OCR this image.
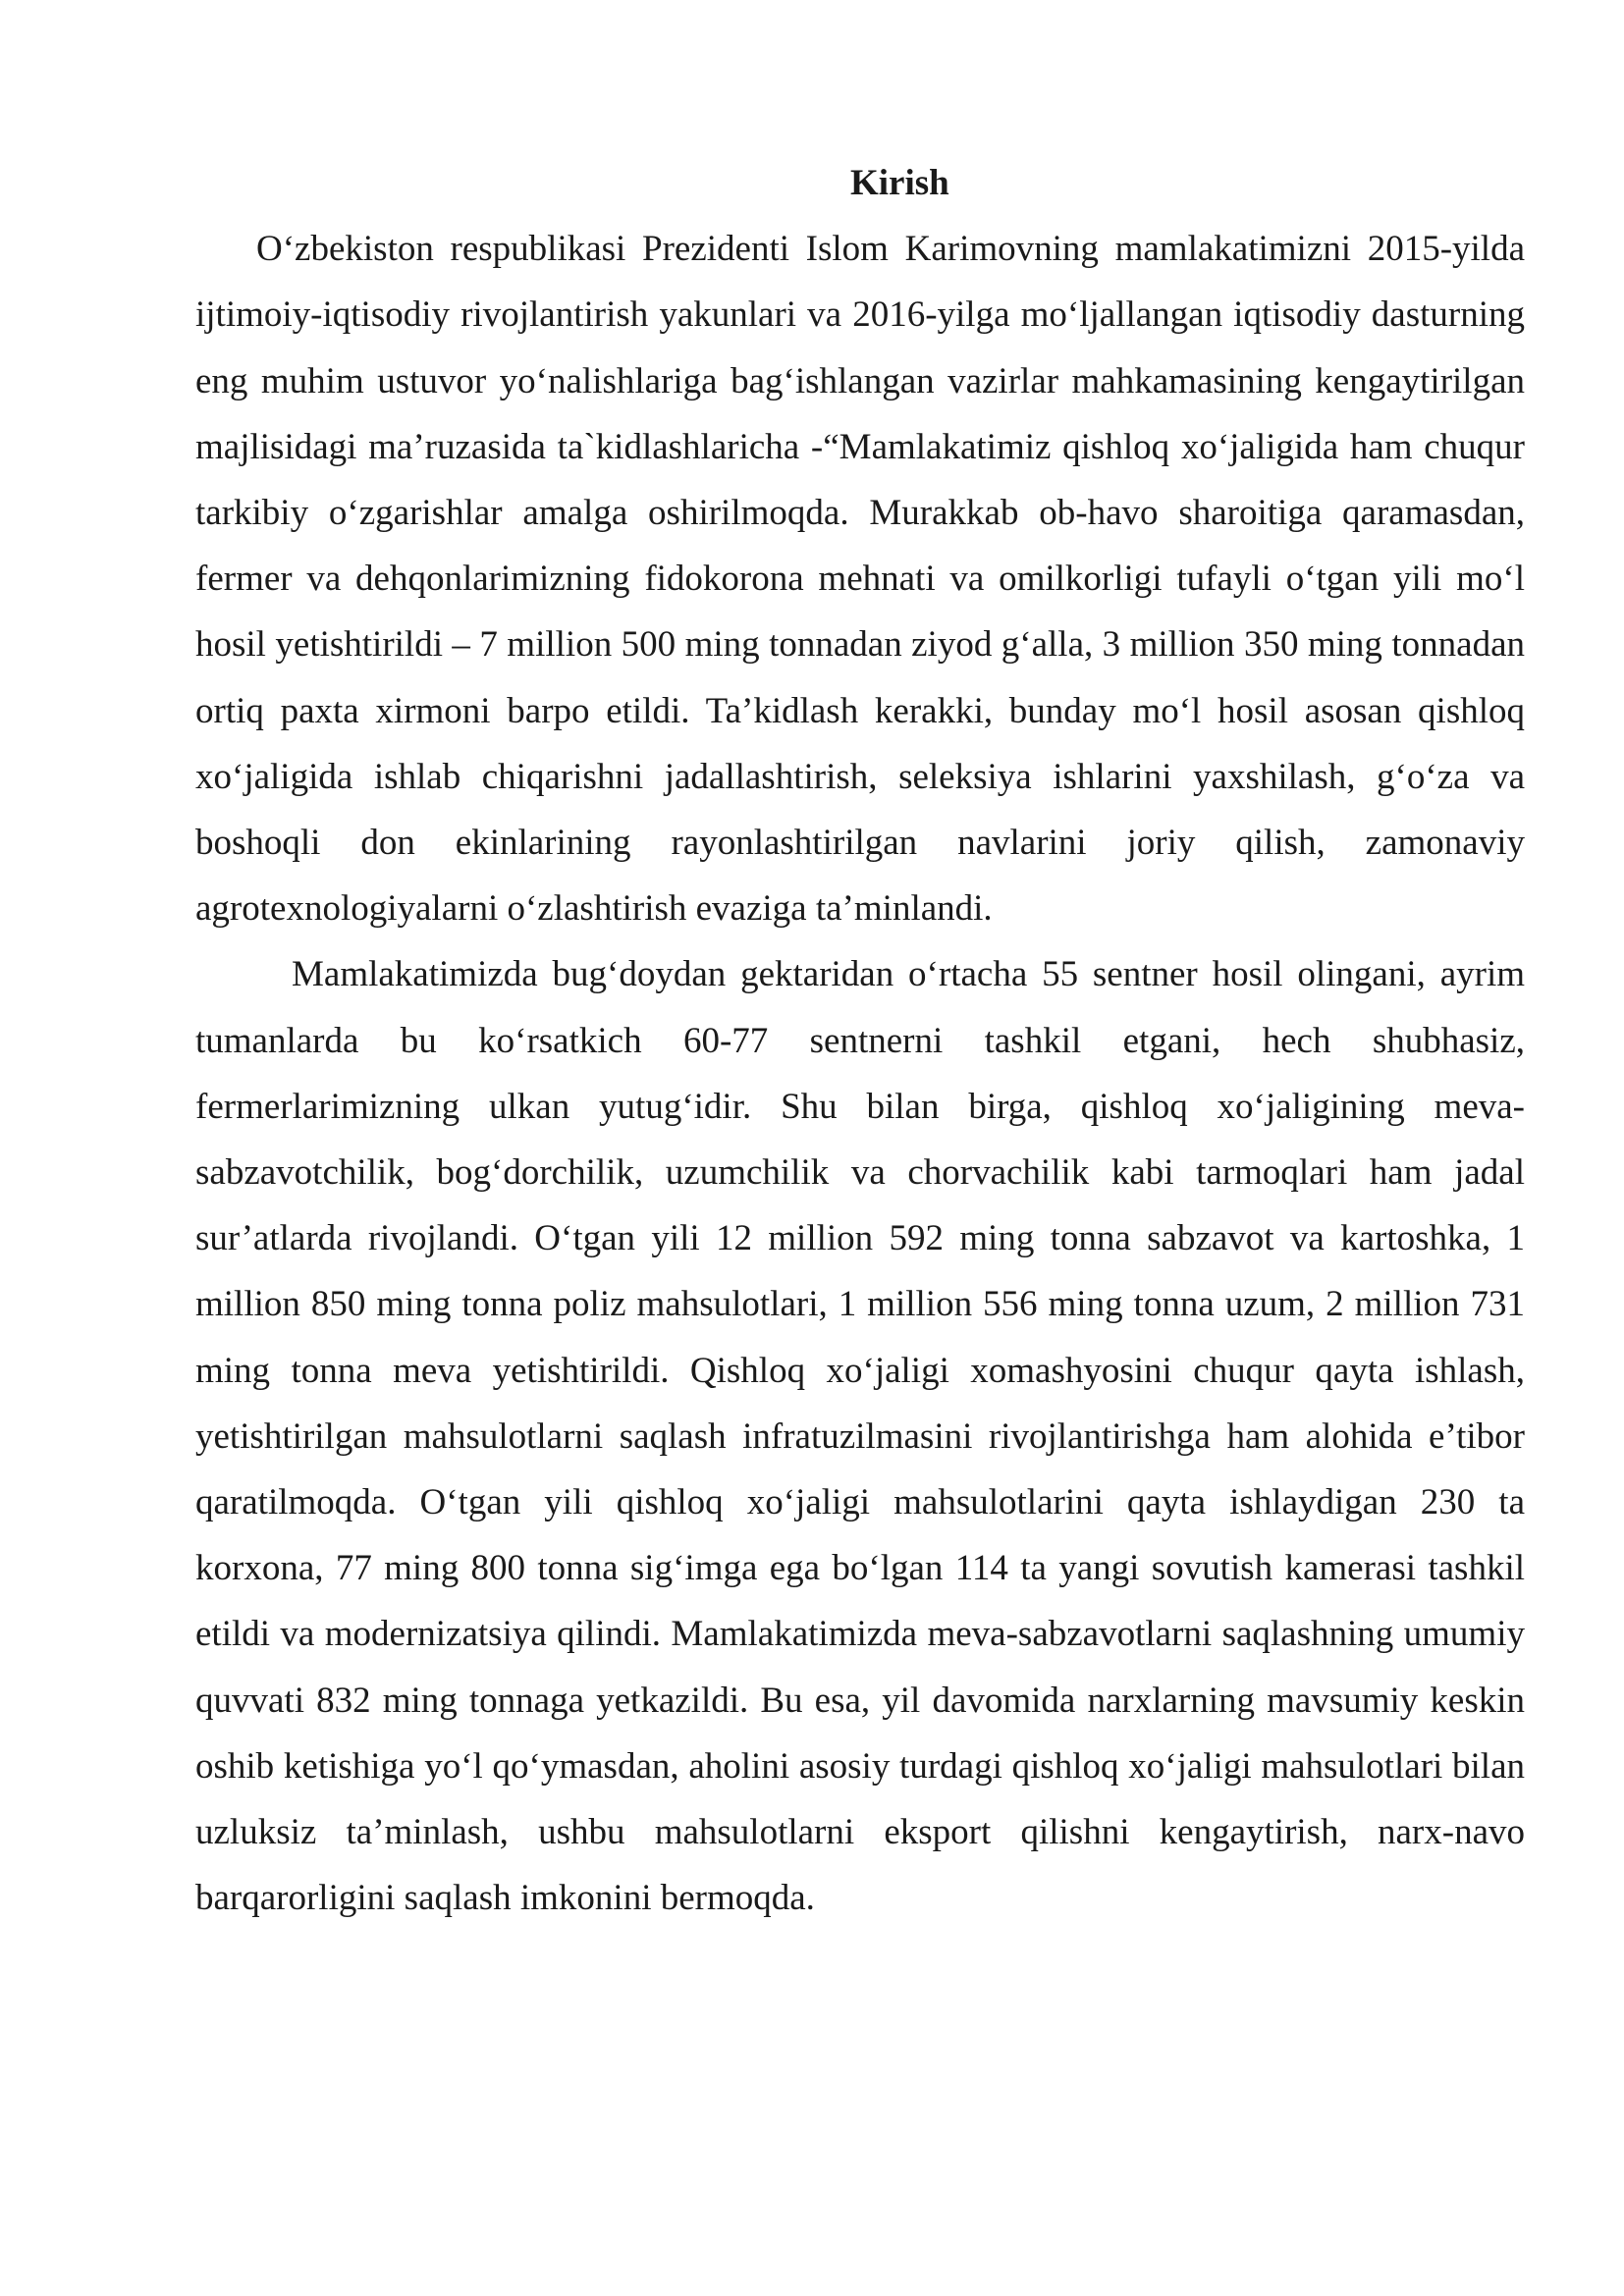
Kirish

O‘zbekiston respublikasi Prezidenti Islom Karimovning mamlakatimizni 2015-yilda ijtimoiy-iqtisodiy rivojlantirish yakunlari va 2016-yilga mo‘ljallangan iqtisodiy dasturning eng muhim ustuvor yo‘nalishlariga bag‘ishlangan vazirlar mahkamasining kengaytirilgan majlisidagi ma’ruzasida ta`kidlashlaricha -“Mamlakatimiz qishloq xo‘jaligida ham chuqur tarkibiy o‘zgarishlar amalga oshirilmoqda. Murakkab ob-havo sharoitiga qaramasdan, fermer va dehqonlarimizning fidokorona mehnati va omilkorligi tufayli o‘tgan yili mo‘l hosil yetishtirildi – 7 million 500 ming tonnadan ziyod g‘alla, 3 million 350 ming tonnadan ortiq paxta xirmoni barpo etildi. Ta’kidlash kerakki, bunday mo‘l hosil asosan qishloq xo‘jaligida ishlab chiqarishni jadallashtirish, seleksiya ishlarini yaxshilash, g‘o‘za va boshoqli don ekinlarining rayonlashtirilgan navlarini joriy qilish, zamonaviy agrotexnologiyalarni o‘zlashtirish evaziga ta’minlandi.

Mamlakatimizda bug‘doydan gektaridan o‘rtacha 55 sentner hosil olingani, ayrim tumanlarda bu ko‘rsatkich 60-77 sentnerni tashkil etgani, hech shubhasiz, fermerlarimizning ulkan yutug‘idir. Shu bilan birga, qishloq xo‘jaligining meva-sabzavotchilik, bog‘dorchilik, uzumchilik va chorvachilik kabi tarmoqlari ham jadal sur’atlarda rivojlandi. O‘tgan yili 12 million 592 ming tonna sabzavot va kartoshka, 1 million 850 ming tonna poliz mahsulotlari, 1 million 556 ming tonna uzum, 2 million 731 ming tonna meva yetishtirildi. Qishloq xo‘jaligi xomashyosini chuqur qayta ishlash, yetishtirilgan mahsulotlarni saqlash infratuzilmasini rivojlantirishga ham alohida e’tibor qaratilmoqda. O‘tgan yili qishloq xo‘jaligi mahsulotlarini qayta ishlaydigan 230 ta korxona, 77 ming 800 tonna sig‘imga ega bo‘lgan 114 ta yangi sovutish kamerasi tashkil etildi va modernizatsiya qilindi. Mamlakatimizda meva-sabzavotlarni saqlashning umumiy quvvati 832 ming tonnaga yetkazildi. Bu esa, yil davomida narxlarning mavsumiy keskin oshib ketishiga yo‘l qo‘ymasdan, aholini asosiy turdagi qishloq xo‘jaligi mahsulotlari bilan uzluksiz ta’minlash, ushbu mahsulotlarni eksport qilishni kengaytirish, narx-navo barqarorligini saqlash imkonini bermoqda.
